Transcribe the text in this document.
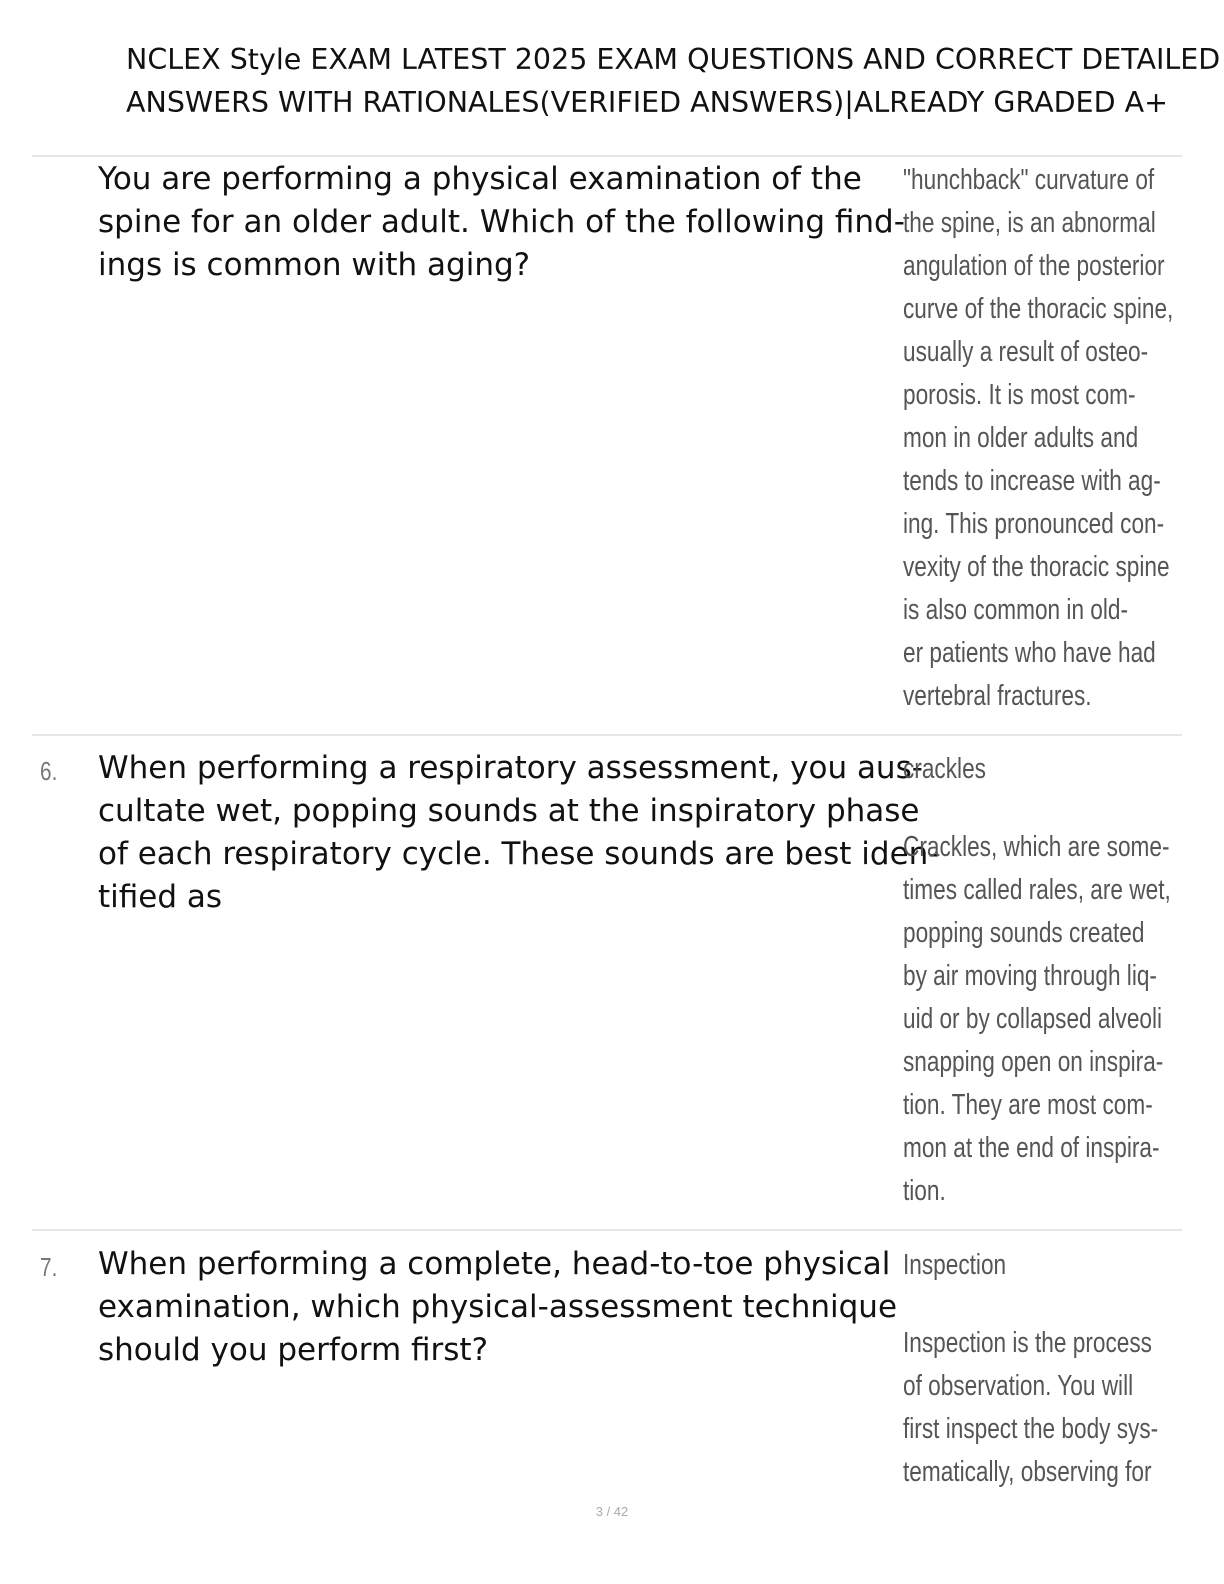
NCLEX Style EXAM LATEST 2025 EXAM QUESTIONS AND CORRECT DETAILED
ANSWERS WITH RATIONALES(VERIFIED ANSWERS)|ALREADY GRADED A+
You are performing a physical examination of the
spine for an older adult. Which of the following find-
ings is common with aging?
"hunchback" curvature of
the spine, is an abnormal
angulation of the posterior
curve of the thoracic spine,
usually a result of osteo-
porosis. It is most com-
mon in older adults and
tends to increase with ag-
ing. This pronounced con-
vexity of the thoracic spine
is also common in old-
er patients who have had
vertebral fractures.
6.	When performing a respiratory assessment, you aus-
cultate wet, popping sounds at the inspiratory phase
of each respiratory cycle. These sounds are best iden-
tified as
crackles
Crackles, which are some-
times called rales, are wet,
popping sounds created
by air moving through liq-
uid or by collapsed alveoli
snapping open on inspira-
tion. They are most com-
mon at the end of inspira-
tion.
7.	When performing a complete, head-to-toe physical
examination, which physical-assessment technique
should you perform first?
Inspection
Inspection is the process
of observation. You will
first inspect the body sys-
tematically, observing for
3 / 42
